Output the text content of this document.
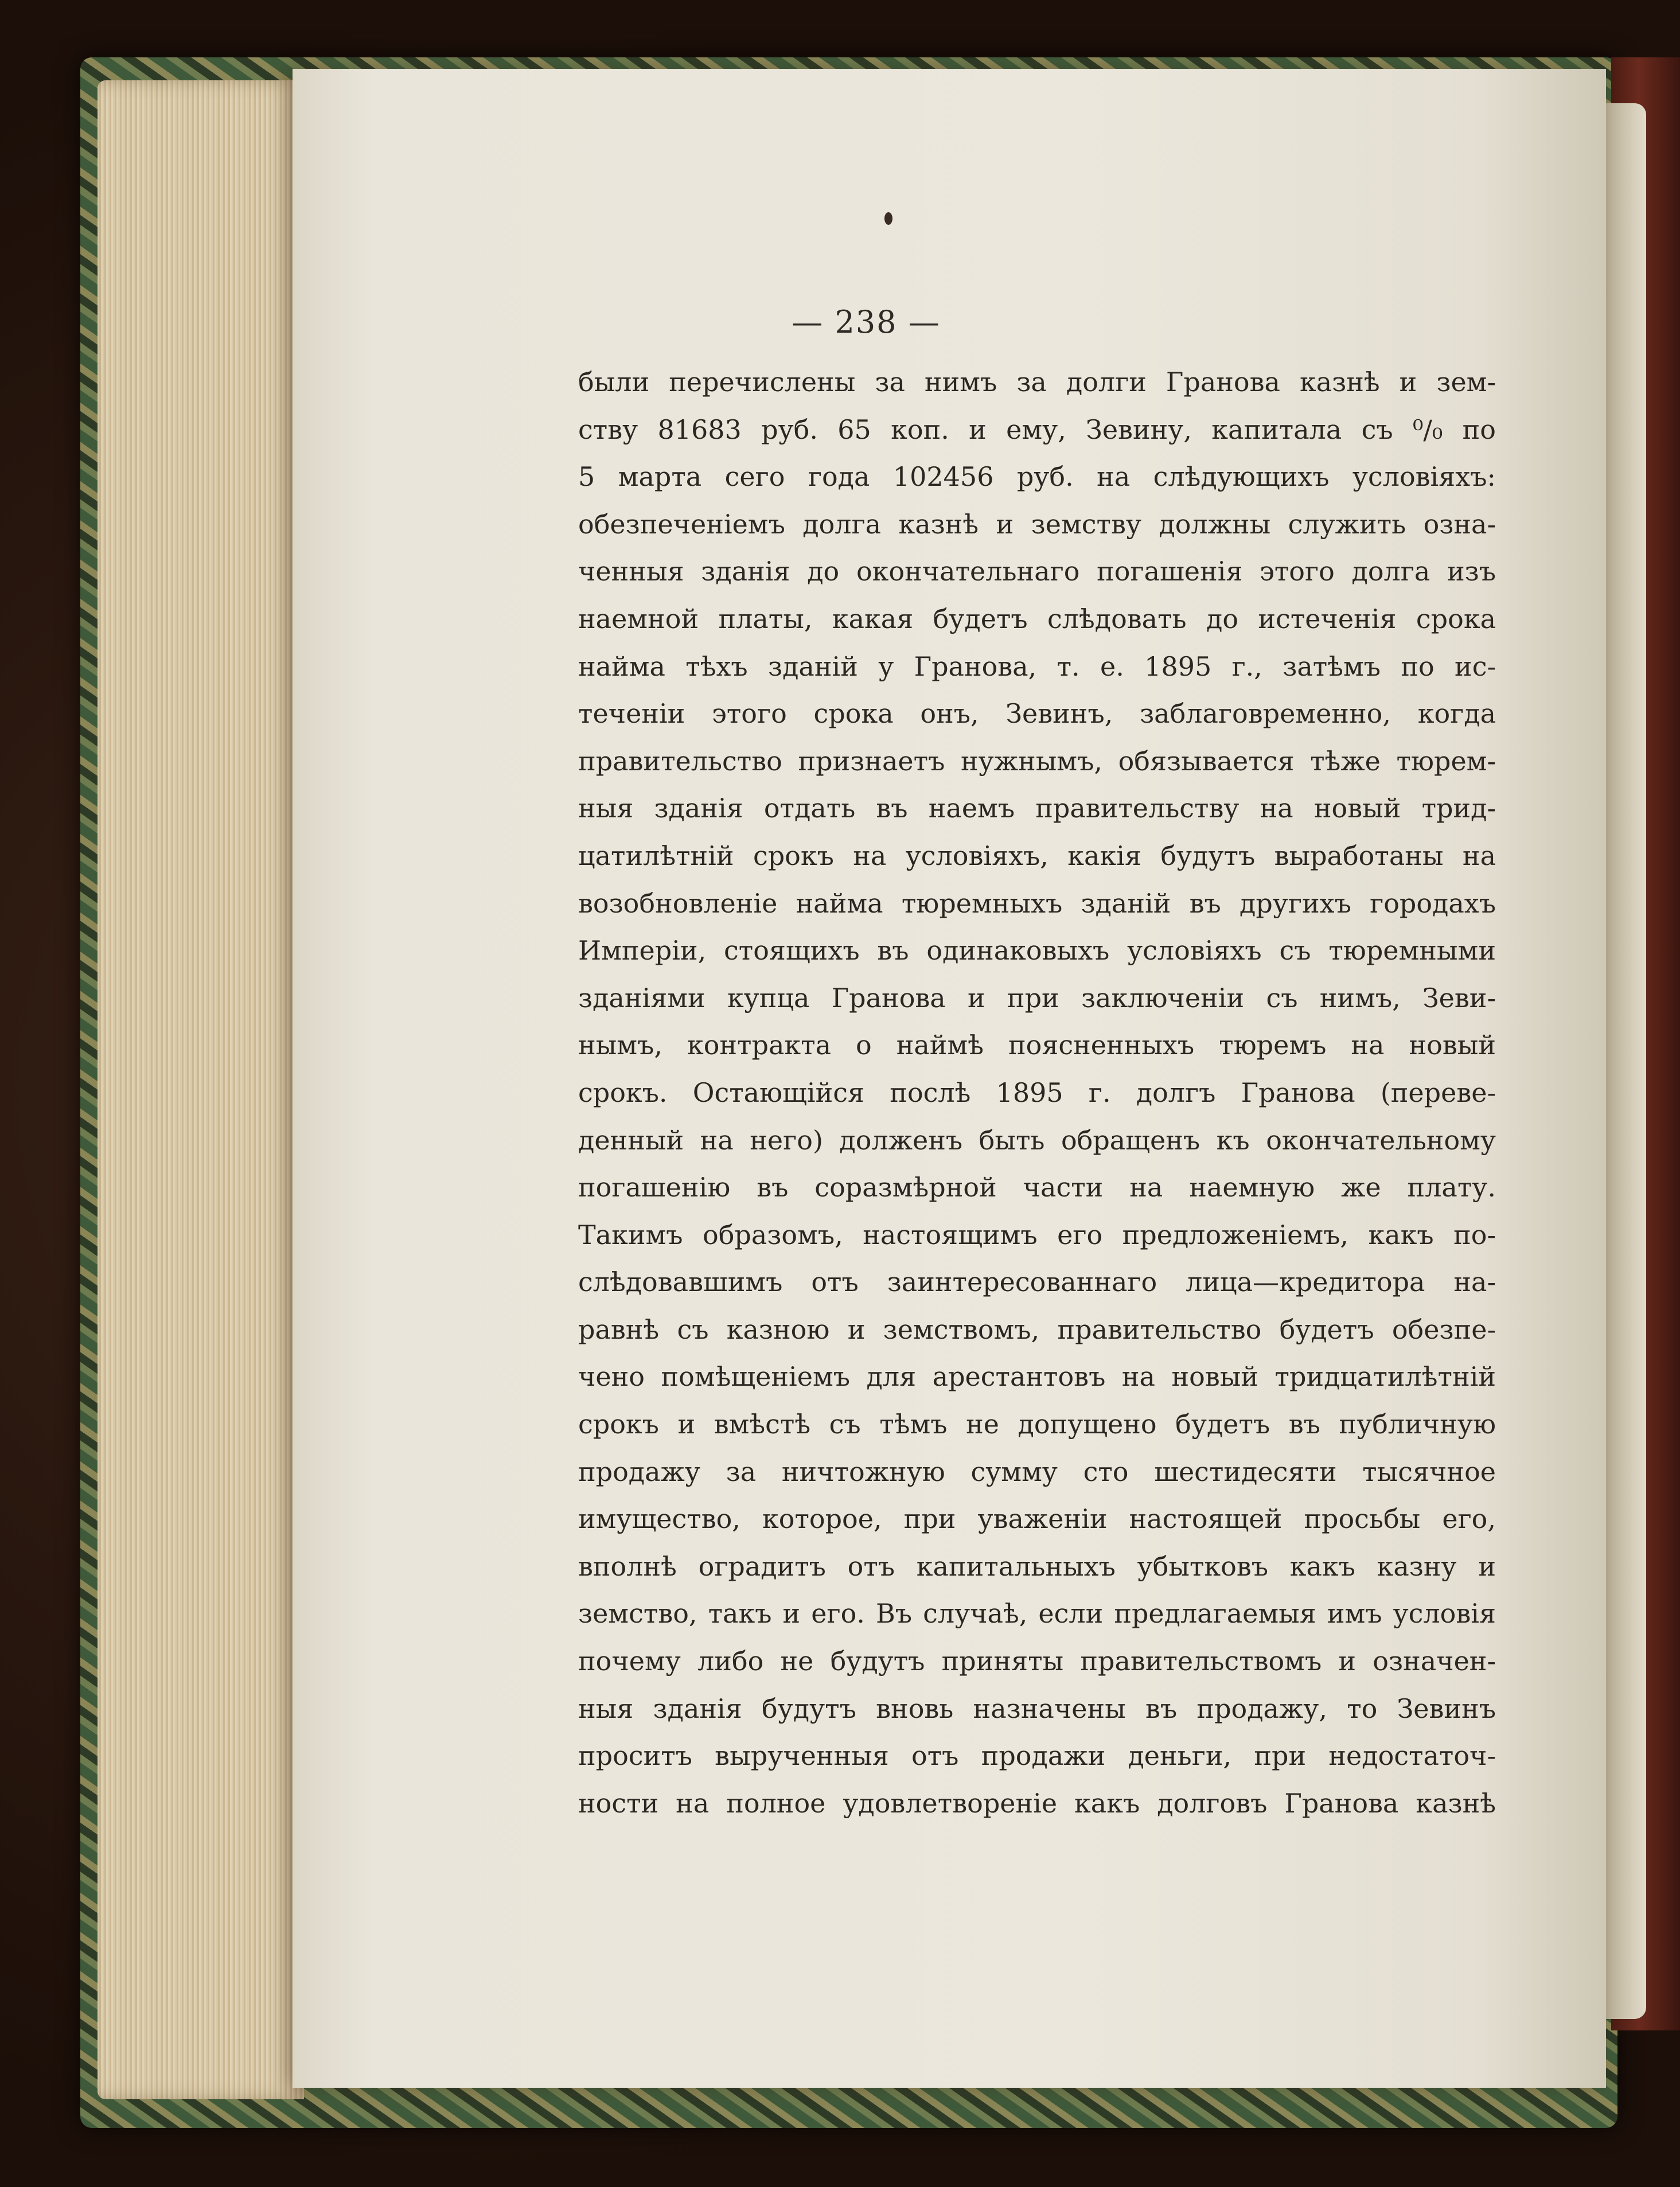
— 238 —
были перечислены за нимъ за долги Гранова казнѣ и зем-
ству 81683 руб. 65 коп. и ему, Зевину, капитала съ ⁰/₀ по
5 марта сего года 102456 руб. на слѣдующихъ условіяхъ:
обезпеченіемъ долга казнѣ и земству должны служить озна-
ченныя зданія до окончательнаго погашенія этого долга изъ
наемной платы, какая будетъ слѣдовать до истеченія срока
найма тѣхъ зданій у Гранова, т. е. 1895 г., затѣмъ по ис-
теченіи этого срока онъ, Зевинъ, заблаговременно, когда
правительство признаетъ нужнымъ, обязывается тѣже тюрем-
ныя зданія отдать въ наемъ правительству на новый трид-
цатилѣтній срокъ на условіяхъ, какія будутъ выработаны на
возобновленіе найма тюремныхъ зданій въ другихъ городахъ
Имперіи, стоящихъ въ одинаковыхъ условіяхъ съ тюремными
зданіями купца Гранова и при заключеніи съ нимъ, Зеви-
нымъ, контракта о наймѣ поясненныхъ тюремъ на новый
срокъ. Остающійся послѣ 1895 г. долгъ Гранова (переве-
денный на него) долженъ быть обращенъ къ окончательному
погашенію въ соразмѣрной части на наемную же плату.
Такимъ образомъ, настоящимъ его предложеніемъ, какъ по-
слѣдовавшимъ отъ заинтересованнаго лица—кредитора на-
равнѣ съ казною и земствомъ, правительство будетъ обезпе-
чено помѣщеніемъ для арестантовъ на новый тридцатилѣтній
срокъ и вмѣстѣ съ тѣмъ не допущено будетъ въ публичную
продажу за ничтожную сумму сто шестидесяти тысячное
имущество, которое, при уваженіи настоящей просьбы его,
вполнѣ оградитъ отъ капитальныхъ убытковъ какъ казну и
земство, такъ и его. Въ случаѣ, если предлагаемыя имъ условія
почему либо не будутъ приняты правительствомъ и означен-
ныя зданія будутъ вновь назначены въ продажу, то Зевинъ
проситъ вырученныя отъ продажи деньги, при недостаточ-
ности на полное удовлетвореніе какъ долговъ Гранова казнѣ
